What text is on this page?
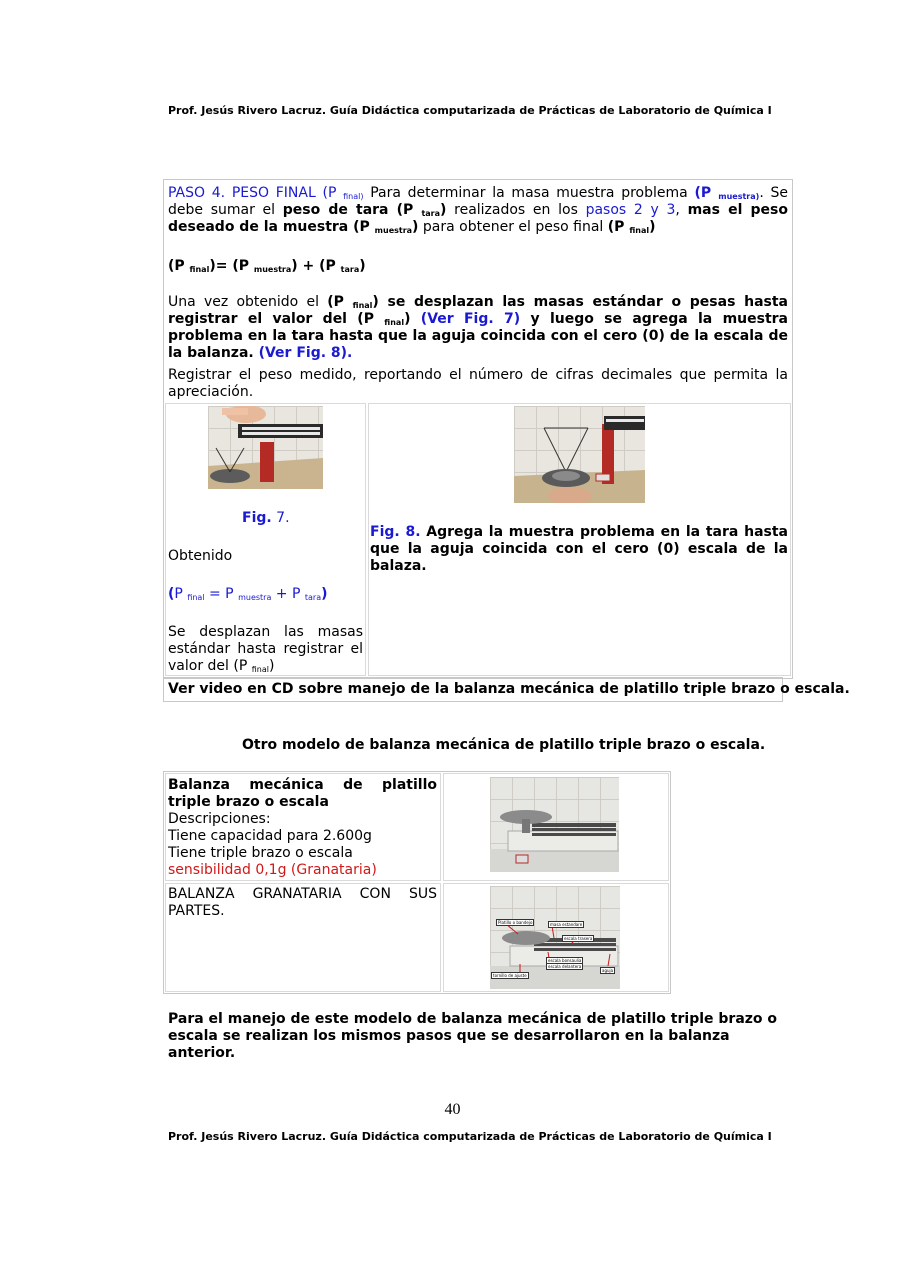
Prof. Jesús Rivero Lacruz. Guía Didáctica computarizada de Prácticas de Laboratorio de Química I
PASO 4. PESO FINAL (P $_{final)}$ Para determinar la masa muestra problema (P $_{muestra)}$. Se debe sumar el peso de tara (P $_{tara}$) realizados en los pasos 2 y 3, mas el peso deseado de la muestra (P $_{muestra}$) para obtener el peso final (P $_{final}$)
(P $_{final}$)= (P $_{muestra}$) + (P $_{tara}$)
Una vez obtenido el (P $_{final}$) se desplazan las masas estándar o pesas hasta registrar el valor del (P $_{final}$) (Ver Fig. 7) y luego se agrega la muestra problema en la tara hasta que la aguja coincida con el cero (0) de la escala de la balanza. (Ver Fig. 8).
Registrar el peso medido, reportando el número de cifras decimales que permita la apreciación.
Fig. 7.
Obtenido
(P $_{final}$ = P $_{muestra}$ + P $_{tara}$)
Se desplazan las masas estándar hasta registrar el valor del (P $_{final}$)
Fig. 8. Agrega la muestra problema en la tara hasta que la aguja coincida con el cero (0) escala de la balaza.
Ver video en CD sobre manejo de la balanza mecánica de platillo triple brazo o escala.
Otro modelo de balanza mecánica de platillo triple brazo o escala.
Balanza mecánica de platillo triple brazo o escala
Descripciones:
Tiene capacidad para 2.600g
Tiene triple brazo o escala
sensibilidad 0,1g (Granataria)
BALANZA GRANATARIA CON SUS PARTES.
Platillo o bandejo	masa estandare
escala trasera
escala delantera
escala bonsaulia
tornillo de ajuste
aguja
Para el manejo de este modelo de balanza mecánica de platillo triple brazo o escala se realizan los mismos pasos que se desarrollaron en la balanza anterior.
40
Prof. Jesús Rivero Lacruz. Guía Didáctica computarizada de Prácticas de Laboratorio de Química I
